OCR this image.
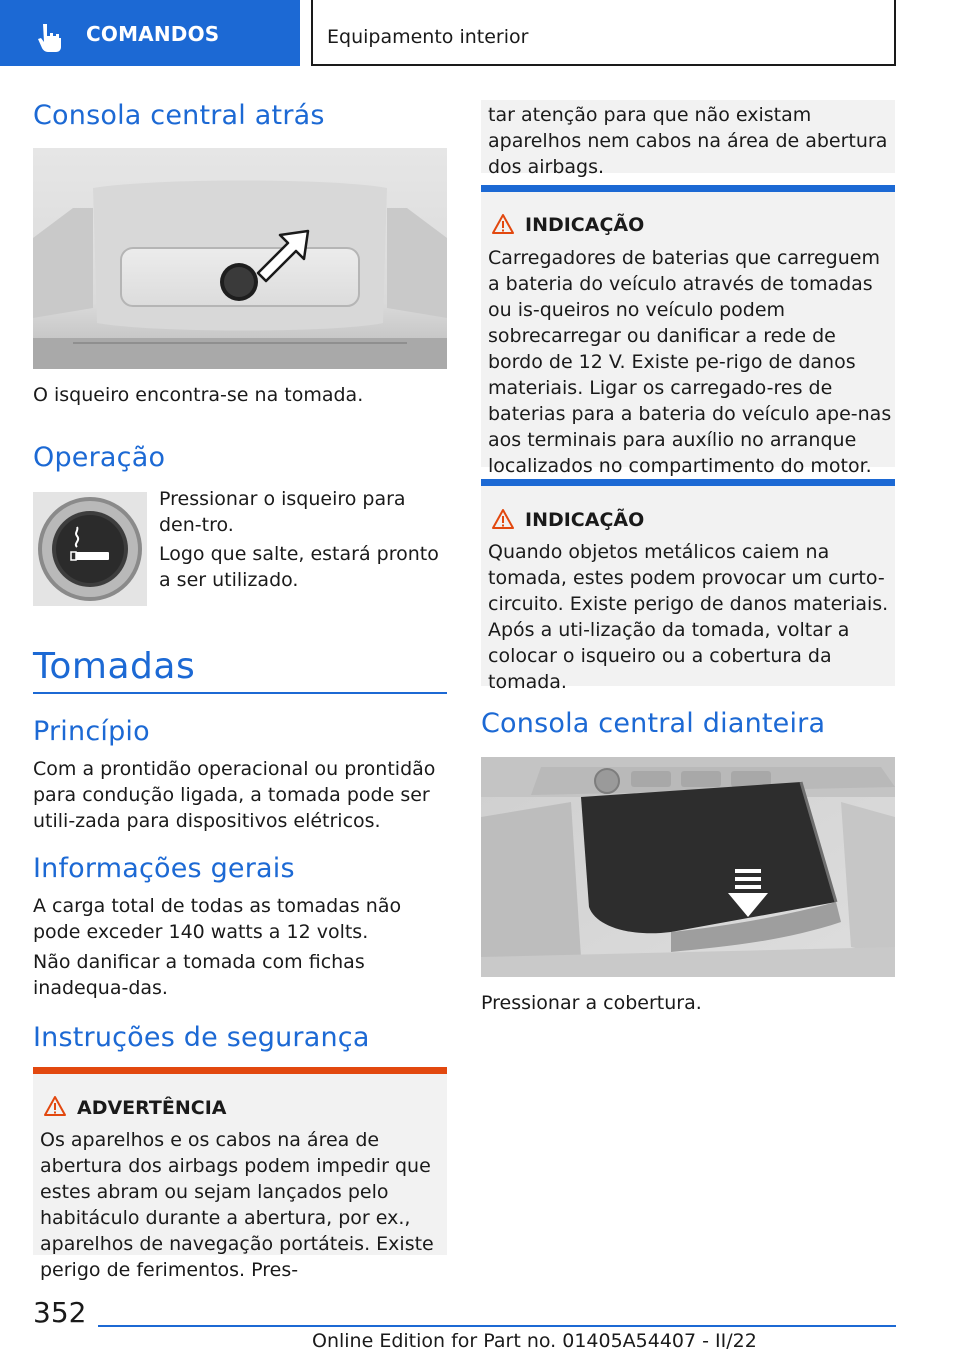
COMANDOS	Equipamento interior
Consola central atrás
O isqueiro encontra-se na tomada.
Operação
Pressionar o isqueiro para den-tro.
Logo que salte, estará pronto a ser utilizado.
Tomadas
Princípio
Com a prontidão operacional ou prontidão para condução ligada, a tomada pode ser utili-zada para dispositivos elétricos.
Informações gerais
A carga total de todas as tomadas não pode exceder 140 watts a 12 volts.
Não danificar a tomada com fichas inadequa-das.
Instruções de segurança
ADVERTÊNCIA
Os aparelhos e os cabos na área de abertura dos airbags podem impedir que estes abram ou sejam lançados pelo habitáculo durante a abertura, por ex., aparelhos de navegação portáteis. Existe perigo de ferimentos. Pres-
tar atenção para que não existam aparelhos nem cabos na área de abertura dos airbags.
INDICAÇÃO
Carregadores de baterias que carreguem a bateria do veículo através de tomadas ou is-queiros no veículo podem sobrecarregar ou danificar a rede de bordo de 12 V. Existe pe-rigo de danos materiais. Ligar os carregado-res de baterias para a bateria do veículo ape-nas aos terminais para auxílio no arranque localizados no compartimento do motor.
INDICAÇÃO
Quando objetos metálicos caiem na tomada, estes podem provocar um curto-circuito. Existe perigo de danos materiais. Após a uti-lização da tomada, voltar a colocar o isqueiro ou a cobertura da tomada.
Consola central dianteira
Pressionar a cobertura.
352
Online Edition for Part no. 01405A54407 - II/22
